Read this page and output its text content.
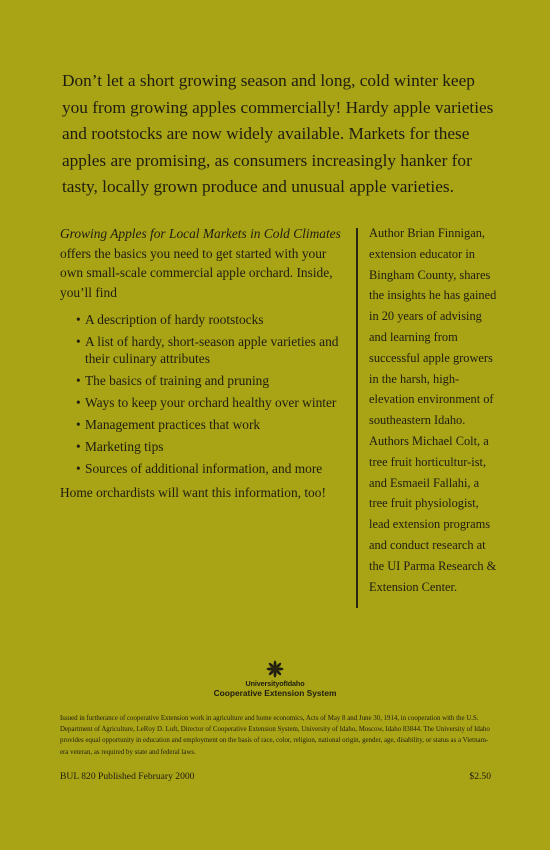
Don’t let a short growing season and long, cold winter keep you from growing apples commercially! Hardy apple varieties and rootstocks are now widely available. Markets for these apples are promising, as consumers increasingly hanker for tasty, locally grown produce and unusual apple varieties.

Growing Apples for Local Markets in Cold Climates
offers the basics you need to get started with your own small-scale commercial apple orchard. Inside, you’ll find

• A description of hardy rootstocks
• A list of hardy, short-season apple varieties and their culinary attributes
• The basics of training and pruning
• Ways to keep your orchard healthy over winter
• Management practices that work
• Marketing tips
• Sources of additional information, and more

Home orchardists will want this information, too!

Author Brian Finnigan, extension educator in Bingham County, shares the insights he has gained in 20 years of advising and learning from successful apple growers in the harsh, high-elevation environment of southeastern Idaho. Authors Michael Colt, a tree fruit horticultur-ist, and Esmaeil Fallahi, a tree fruit physiologist, lead extension programs and conduct research at the UI Parma Research & Extension Center.

UniversityofIdaho
Cooperative Extension System

Issued in furtherance of cooperative Extension work in agriculture and home economics, Acts of May 8 and June 30, 1914, in cooperation with the U.S. Department of Agriculture, LeRoy D. Luft, Director of Cooperative Extension System, University of Idaho, Moscow, Idaho 83844. The University of Idaho provides equal opportunity in education and employment on the basis of race, color, religion, national origin, gender, age, disability, or status as a Vietnam-era veteran, as required by state and federal laws.

BUL 820 Published February 2000	$2.50
